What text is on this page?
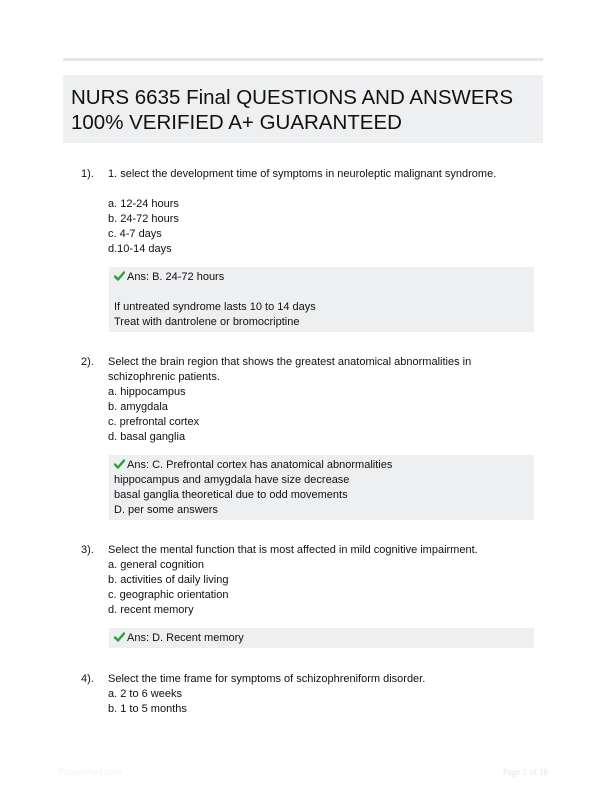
NURS 6635 Final QUESTIONS AND ANSWERS
100% VERIFIED A+ GUARANTEED
1). 1. select the development time of symptoms in neuroleptic malignant syndrome.
a. 12-24 hours
b. 24-72 hours
c. 4-7 days
d.10-14 days
Ans: B. 24-72 hours
If untreated syndrome lasts 10 to 14 days
Treat with dantrolene or bromocriptine
2). Select the brain region that shows the greatest anatomical abnormalities in
schizophrenic patients.
a. hippocampus
b. amygdala
c. prefrontal cortex
d. basal ganglia
Ans: C. Prefrontal cortex has anatomical abnormalities
hippocampus and amygdala have size decrease
basal ganglia theoretical due to odd movements
D. per some answers
3). Select the mental function that is most affected in mild cognitive impairment.
a. general cognition
b. activities of daily living
c. geographic orientation
d. recent memory
Ans: D. Recent memory
4). Select the time frame for symptoms of schizophreniform disorder.
a. 2 to 6 weeks
b. 1 to 5 months
PaperShelf.com	Page 1 of 18
